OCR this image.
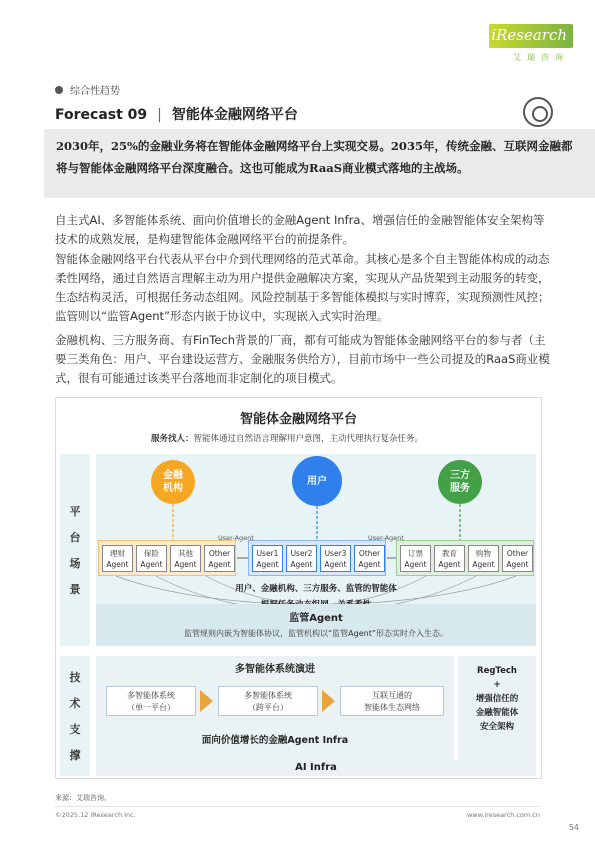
iResearch
艾瑞咨询
综合性趋势
Forecast 09 | 智能体金融网络平台

2030年，25%的金融业务将在智能体金融网络平台上实现交易。2035年，传统金融、互联网金融都将与智能体金融网络平台深度融合。这也可能成为RaaS商业模式落地的主战场。

自主式AI、多智能体系统、面向价值增长的金融Agent Infra、增强信任的金融智能体安全架构等技术的成熟发展，是构建智能体金融网络平台的前提条件。

智能体金融网络平台代表从平台中介到代理网络的范式革命。其核心是多个自主智能体构成的动态柔性网络，通过自然语言理解主动为用户提供金融解决方案，实现从产品货架到主动服务的转变，生态结构灵活，可根据任务动态组网。风险控制基于多智能体模拟与实时博弈，实现预测性风控；监管则以“监管Agent”形态内嵌于协议中，实现嵌入式实时治理。

金融机构、三方服务商、有FinTech背景的厂商，都有可能成为智能体金融网络平台的参与者（主要三类角色：用户、平台建设运营方、金融服务供给方），目前市场中一些公司提及的RaaS商业模式，很有可能通过该类平台落地而非定制化的项目模式。

智能体金融网络平台
服务找人：智能体通过自然语言理解用户意图，主动代理执行复杂任务。
平
台
场
景
技
术
支
撑
金融
机构
用户	三方
服务
理财
Agent
保险
Agent
其他
Agent
Other
Agent
User1
Agent
User2
Agent
User3
Agent
Other
Agent
订票
Agent
教育
Agent
购物
Agent
Other
Agent
User-Agent	User-Agent
用户、金融机构、三方服务、监管的智能体
监管Agent
监管规则内嵌为智能体协议，监管机构以“监管Agent”形态实时介入生态。
多智能体系统演进
多智能体系统
（单一平台）
多智能体系统
（跨平台）
互联互通的
智能体生态网络
面向价值增长的金融Agent Infra
RegTech
+
增强信任的
金融智能体
安全架构
AI Infra
来源：艾瑞咨询。
©2025.12 iResearch Inc.	www.iresearch.com.cn
54
